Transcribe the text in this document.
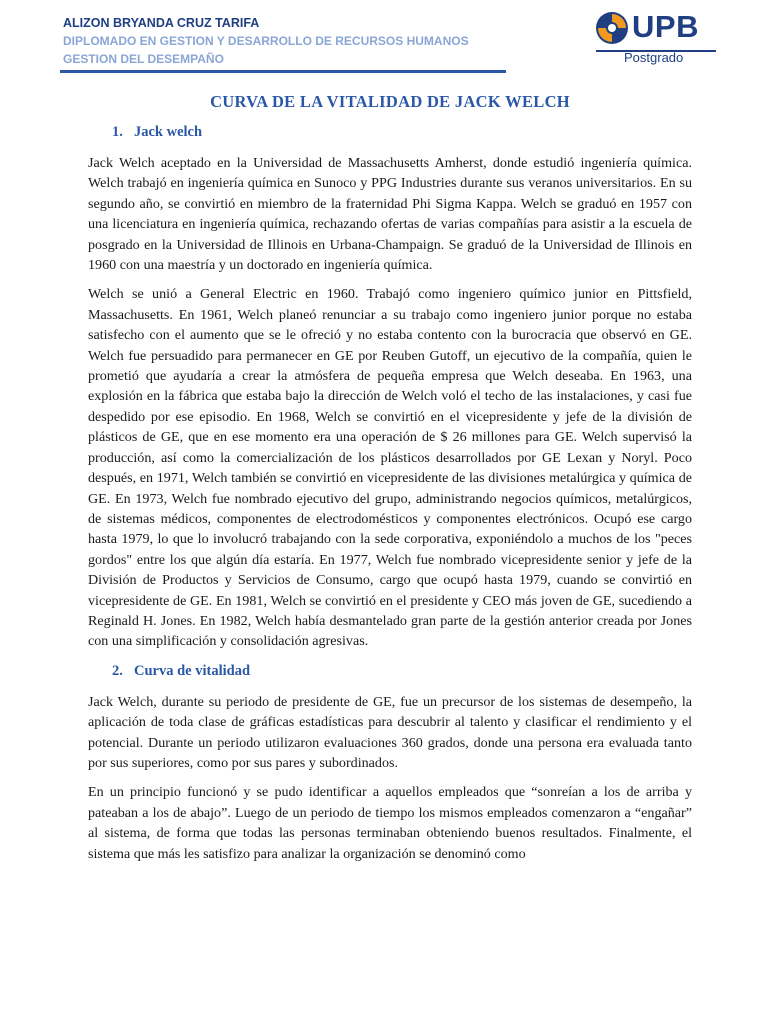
ALIZON BRYANDA CRUZ TARIFA
DIPLOMADO EN GESTION Y DESARROLLO DE RECURSOS HUMANOS
GESTION DEL DESEMPAÑO
UPB
Postgrado
CURVA DE LA VITALIDAD DE JACK WELCH
1. Jack welch

Jack Welch aceptado en la Universidad de Massachusetts Amherst, donde estudió ingeniería química. Welch trabajó en ingeniería química en Sunoco y PPG Industries durante sus veranos universitarios. En su segundo año, se convirtió en miembro de la fraternidad Phi Sigma Kappa. Welch se graduó en 1957 con una licenciatura en ingeniería química, rechazando ofertas de varias compañías para asistir a la escuela de posgrado en la Universidad de Illinois en Urbana-Champaign. Se graduó de la Universidad de Illinois en 1960 con una maestría y un doctorado en ingeniería química.

Welch se unió a General Electric en 1960. Trabajó como ingeniero químico junior en Pittsfield, Massachusetts. En 1961, Welch planeó renunciar a su trabajo como ingeniero junior porque no estaba satisfecho con el aumento que se le ofreció y no estaba contento con la burocracia que observó en GE. Welch fue persuadido para permanecer en GE por Reuben Gutoff, un ejecutivo de la compañía, quien le prometió que ayudaría a crear la atmósfera de pequeña empresa que Welch deseaba. En 1963, una explosión en la fábrica que estaba bajo la dirección de Welch voló el techo de las instalaciones, y casi fue despedido por ese episodio. En 1968, Welch se convirtió en el vicepresidente y jefe de la división de plásticos de GE, que en ese momento era una operación de $ 26 millones para GE. Welch supervisó la producción, así como la comercialización de los plásticos desarrollados por GE Lexan y Noryl. Poco después, en 1971, Welch también se convirtió en vicepresidente de las divisiones metalúrgica y química de GE. En 1973, Welch fue nombrado ejecutivo del grupo, administrando negocios químicos, metalúrgicos, de sistemas médicos, componentes de electrodomésticos y componentes electrónicos. Ocupó ese cargo hasta 1979, lo que lo involucró trabajando con la sede corporativa, exponiéndolo a muchos de los "peces gordos" entre los que algún día estaría. En 1977, Welch fue nombrado vicepresidente senior y jefe de la División de Productos y Servicios de Consumo, cargo que ocupó hasta 1979, cuando se convirtió en vicepresidente de GE. En 1981, Welch se convirtió en el presidente y CEO más joven de GE, sucediendo a Reginald H. Jones. En 1982, Welch había desmantelado gran parte de la gestión anterior creada por Jones con una simplificación y consolidación agresivas.

2. Curva de vitalidad

Jack Welch, durante su periodo de presidente de GE, fue un precursor de los sistemas de desempeño, la aplicación de toda clase de gráficas estadísticas para descubrir al talento y clasificar el rendimiento y el potencial. Durante un periodo utilizaron evaluaciones 360 grados, donde una persona era evaluada tanto por sus superiores, como por sus pares y subordinados.

En un principio funcionó y se pudo identificar a aquellos empleados que “sonreían a los de arriba y pateaban a los de abajo”. Luego de un periodo de tiempo los mismos empleados comenzaron a “engañar” al sistema, de forma que todas las personas terminaban obteniendo buenos resultados. Finalmente, el sistema que más les satisfizo para analizar la organización se denominó como
